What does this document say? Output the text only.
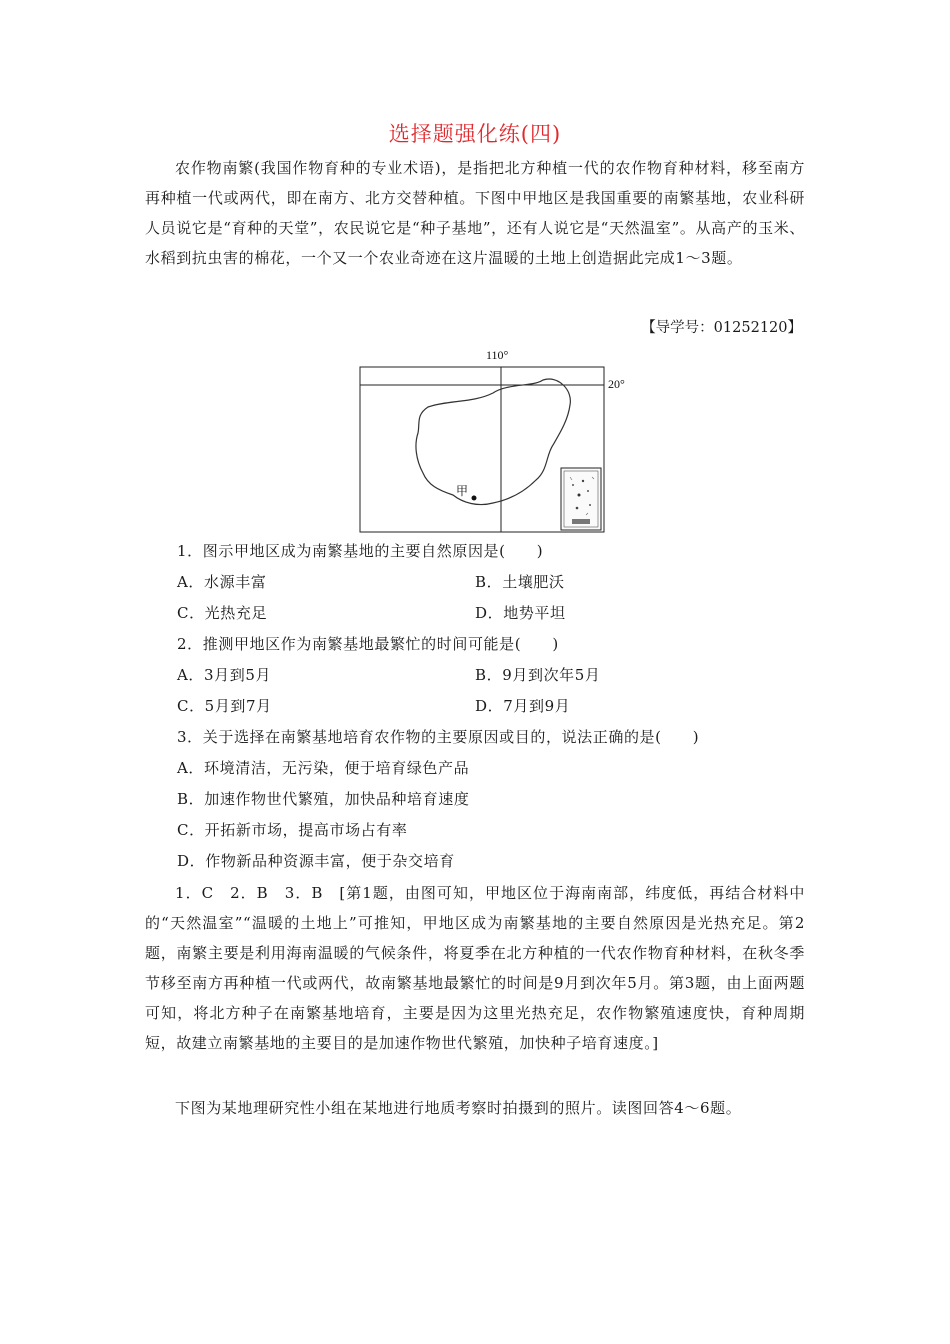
选择题强化练(四)
农作物南繁(我国作物育种的专业术语)，是指把北方种植一代的农作物育种材料，移至南方再种植一代或两代，即在南方、北方交替种植。下图中甲地区是我国重要的南繁基地，农业科研人员说它是“育种的天堂”，农民说它是“种子基地”，还有人说它是“天然温室”。从高产的玉米、水稻到抗虫害的棉花，一个又一个农业奇迹在这片温暖的土地上创造据此完成1～3题。
【导学号：01252120】
110°
20°
甲
1．图示甲地区成为南繁基地的主要自然原因是(　　)
A．水源丰富	B．土壤肥沃
C．光热充足	D．地势平坦
2．推测甲地区作为南繁基地最繁忙的时间可能是(　　)
A．3月到5月	B．9月到次年5月
C．5月到7月	D．7月到9月
3．关于选择在南繁基地培育农作物的主要原因或目的，说法正确的是(　　)
A．环境清洁，无污染，便于培育绿色产品
B．加速作物世代繁殖，加快品种培育速度
C．开拓新市场，提高市场占有率
D．作物新品种资源丰富，便于杂交培育
1．C　2．B　3．B　[第1题，由图可知，甲地区位于海南南部，纬度低，再结合材料中的“天然温室”“温暖的土地上”可推知，甲地区成为南繁基地的主要自然原因是光热充足。第2题，南繁主要是利用海南温暖的气候条件，将夏季在北方种植的一代农作物育种材料，在秋冬季节移至南方再种植一代或两代，故南繁基地最繁忙的时间是9月到次年5月。第3题，由上面两题可知，将北方种子在南繁基地培育，主要是因为这里光热充足，农作物繁殖速度快，育种周期短，故建立南繁基地的主要目的是加速作物世代繁殖，加快种子培育速度。]
下图为某地理研究性小组在某地进行地质考察时拍摄到的照片。读图回答4～6题。
